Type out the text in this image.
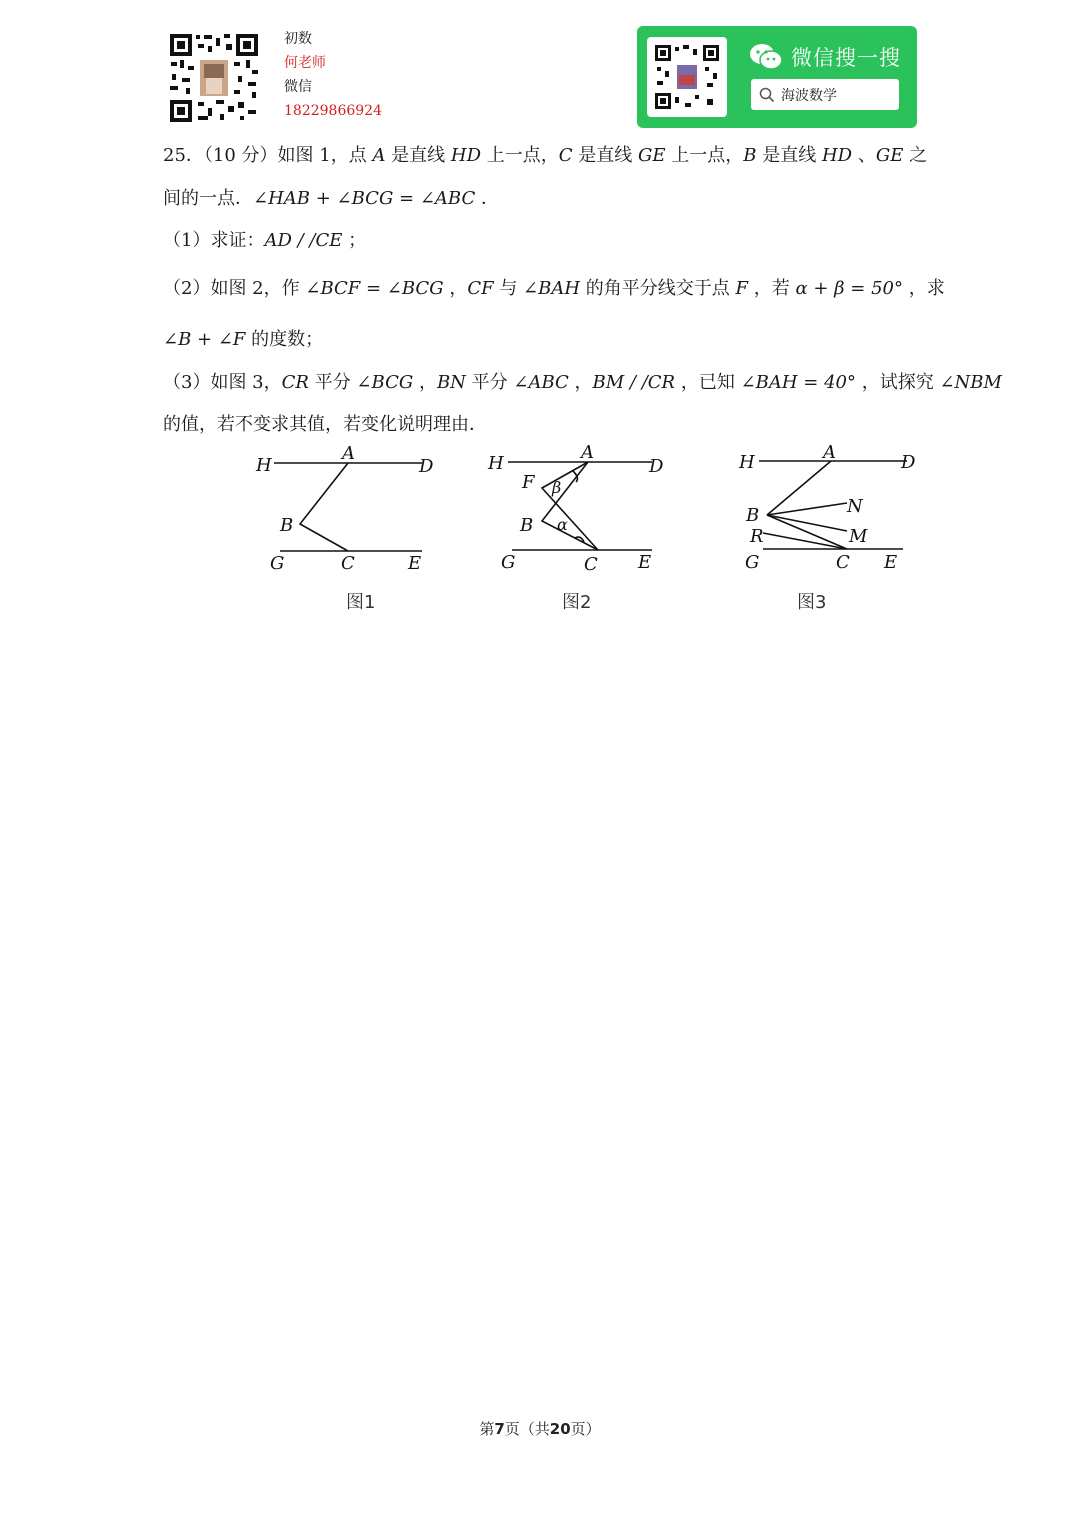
初数
何老师
微信
18229866924
微信搜一搜
海波数学
25．（10 分）如图 1，点 A 是直线 HD 上一点，C 是直线 GE 上一点，B 是直线 HD 、GE 之
间的一点．∠HAB + ∠BCG = ∠ABC ．
（1）求证：AD / /CE ；
（2）如图 2，作 ∠BCF = ∠BCG ，CF 与 ∠BAH 的角平分线交于点 F ，若 α + β = 50° ，求
∠B + ∠F 的度数；
（3）如图 3，CR 平分 ∠BCG ，BN 平分 ∠ABC ，BM / /CR ，已知 ∠BAH = 40° ，试探究 ∠NBM
的值，若不变求其值，若变化说明理由．
H
A
D
B
G	C	E
图1
H
A
D
F β
B α
G	C E
图2
H	A	D
N
B
R	M
G	C E
图3
第7页（共20页）
